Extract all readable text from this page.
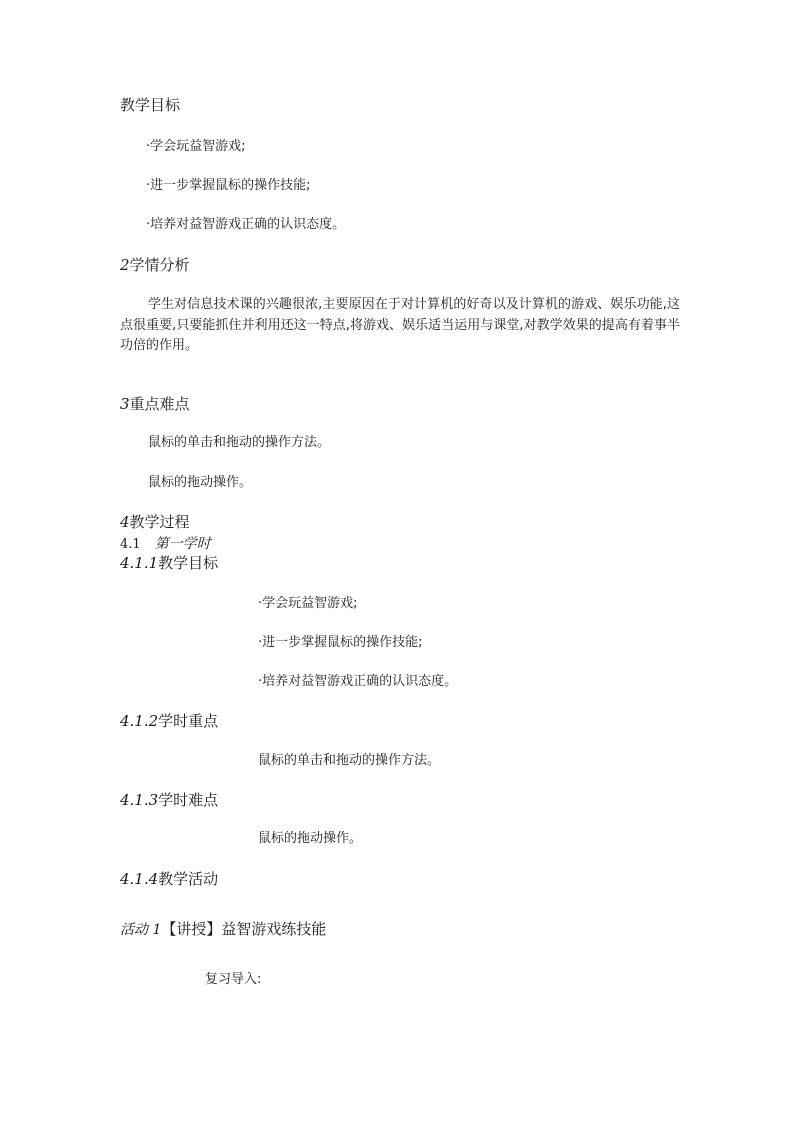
教学目标
·学会玩益智游戏;
·进一步掌握鼠标的操作技能;
·培养对益智游戏正确的认识态度。
2学情分析
学生对信息技术课的兴趣很浓,主要原因在于对计算机的好奇以及计算机的游戏、娱乐功能,这点很重要,只要能抓住并利用还这一特点,将游戏、娱乐适当运用与课堂,对教学效果的提高有着事半功倍的作用。
3重点难点
鼠标的单击和拖动的操作方法。
鼠标的拖动操作。
4教学过程
4.1 第一学时
4.1.1教学目标
·学会玩益智游戏;
·进一步掌握鼠标的操作技能;
·培养对益智游戏正确的认识态度。
4.1.2学时重点
鼠标的单击和拖动的操作方法。
4.1.3学时难点
鼠标的拖动操作。
4.1.4教学活动
活动 1【讲授】益智游戏练技能
复习导入:
